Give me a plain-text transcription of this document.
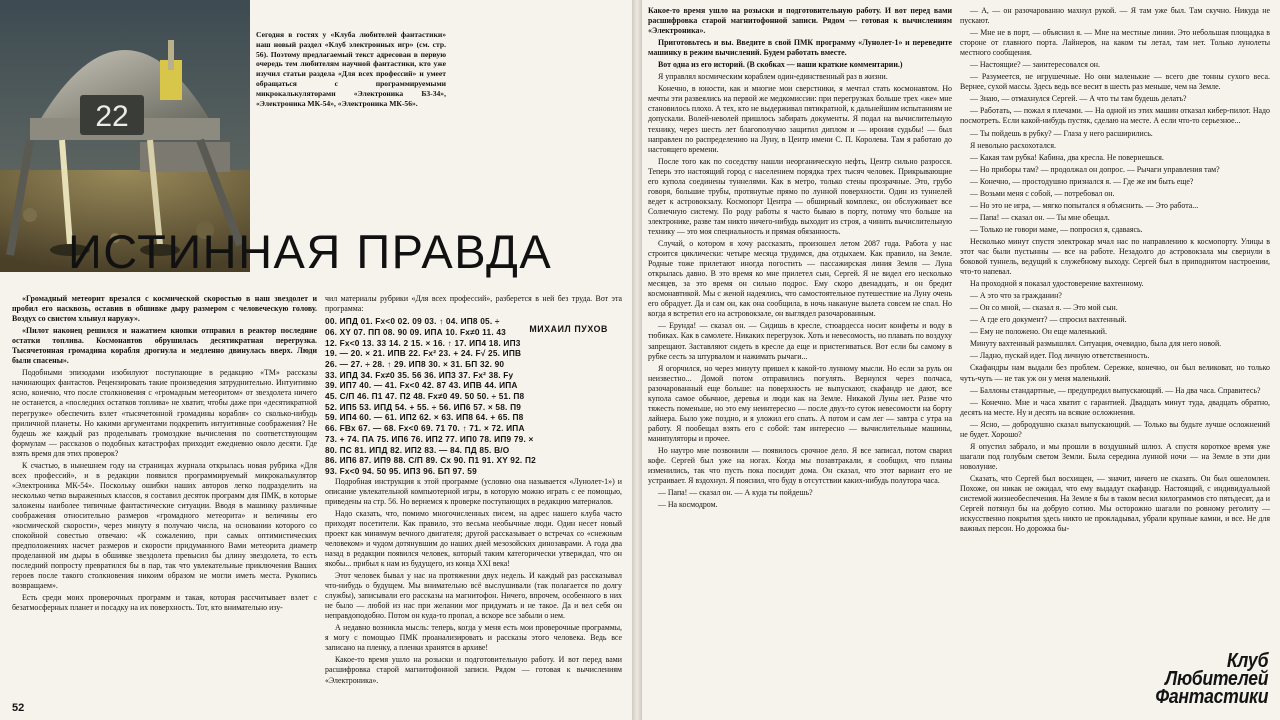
22
Сегодня в гостях у «Клуба любителей фантастики» наш новый раздел «Клуб электронных игр» (см. стр. 56). Поэтому предлагаемый текст адресован в первую очередь тем любителям научной фантастики, кто уже изучил статьи раздела «Для всех профессий» и умеет обращаться с программируемыми микрокалькуляторами «Электроника Б3-34», «Электроника МК-54», «Электроника МК-56».
МИХАИЛ ПУХОВ
ИСТИННАЯ ПРАВДА

«Громадный метеорит врезался с космической скоростью в наш звездолет и пробил его насквозь, оставив в обшивке дыру размером с человеческую голову. Воздух со свистом хлынул наружу».

«Пилот наконец решился и нажатием кнопки отправил в реактор последние остатки топлива. Космонавтов обрушилась десятикратная перегрузка. Тысячетонная громадина корабля дрогнула и медленно двинулась вверх. Люди были спасены».

Подобными эпизодами изобилуют поступающие в редакцию «ТМ» рассказы начинающих фантастов. Рецензировать такие произведения затруднительно. Интуитивно ясно, конечно, что после столкновения с «громадным метеоритом» от звездолета ничего не останется, а «последних остатков топлива» не хватит, чтобы даже при «десятикратной перегрузке» обеспечить взлет «тысячетонной громадины корабля» со сколько-нибудь приличной планеты. Но какими аргументами подкрепить интуитивные соображения? Не будешь же каждый раз проделывать громоздкие вычисления по соответствующим формулам — рассказов о подобных катастрофах приходит ежедневно около десяти. Где взять время для этих проверок?

К счастью, в нынешнем году на страницах журнала открылась новая рубрика «Для всех профессий», и в редакции появился программируемый микрокалькулятор «Электроника МК-54». Поскольку ошибки наших авторов легко подразделить на несколько четко выраженных классов, я составил десяток программ для ПМК, в которые заложены наиболее типичные фантастические ситуации. Вводя в машинку различные соображения относительно размеров «громадного метеорита» и величины его «космической скорости», через минуту я получаю числа, на основании которого со спокойной совестью отвечаю: «К сожалению, при самых оптимистических предположениях насчет размеров и скорости придуманного Вами метеорита диаметр проделанной им дыры в обшивке звездолета превысил бы длину звездолета, то есть последний попросту превратился бы в пар, так что увлекательные приключения Ваших героев после такого столкновения никоим образом не могли иметь места. Рукопись возвращаем».

Есть среди моих проверочных программ и такая, которая рассчитывает взлет с безатмосферных планет и посадку на их поверхность. Тот, кто внимательно изу-

чил материалы рубрики «Для всех профессий», разберется в ней без труда. Вот эта программа:

00. ИПД 01. Fx<0 02. 09 03. ↑ 04. ИП8 05. ÷
06. XY 07. ПП 08. 90 09. ИПА 10. Fx≠0 11. 43
12. Fx<0 13. 33 14. 2 15. × 16. ↑ 17. ИП4 18. ИП3
19. — 20. × 21. ИПВ 22. Fx² 23. + 24. F√ 25. ИПВ
26. — 27. ÷ 28. ↑ 29. ИП8 30. × 31. БП 32. 90
33. ИПД 34. Fx≠0 35. 56 36. ИП3 37. Fx² 38. Fy
39. ИП7 40. — 41. Fx<0 42. 87 43. ИПВ 44. ИПА
45. С/П 46. П1 47. П2 48. Fx≠0 49. 50 50. ÷ 51. П8
52. ИП5 53. ИПД 54. + 55. ÷ 56. ИП6 57. × 58. П9
59. ИП4 60. — 61. ИП2 62. × 63. ИП8 64. + 65. П8
66. FВх 67. — 68. Fx<0 69. 71 70. ↑ 71. × 72. ИПА
73. + 74. ПА 75. ИП6 76. ИП2 77. ИП0 78. ИП9 79. ×
80. ПС 81. ИПД 82. ИП2 83. — 84. ПД 85. В/О
86. ИП6 87. ИП9 88. С/П 89. Сх 90. П1 91. XY 92. П2
93. Fx<0 94. 50 95. ИП3 96. БП 97. 59

Подробная инструкция к этой программе (условно она называется «Лунолет-1») и описание увлекательной компьютерной игры, в которую можно играть с ее помощью, приведены на стр. 56. Но вернемся к проверке поступающих в редакцию материалов.

Надо сказать, что, помимо многочисленных писем, на адрес нашего клуба часто приходят посетители. Как правило, это весьма необычные люди. Один несет новый проект как минимум вечного двигателя; другой рассказывает о встречах со «снежным человеком» и чудом дотянувшим до наших дней мезозойских динозаврами. А года два назад в редакции появился человек, который таким категорически утверждал, что он якобы... прибыл к нам из будущего, из конца XXI века!

Этот человек бывал у нас на протяжении двух недель. И каждый раз рассказывал что-нибудь о будущем. Мы внимательно всё выслушивали (так полагается по долгу службы), записывали его рассказы на магнитофон. Ничего, впрочем, особенного в них не было — любой из нас при желании мог придумать и не такое. Да и вел себя он неправдоподобно. Потом он куда-то пропал, а вскоре все забыли о нем.

А недавно возникла мысль: теперь, когда у меня есть мои проверочные программы, я могу с помощью ПМК проанализировать и рассказы этого человека. Ведь все записано на пленку, а пленки хранятся в архиве!

Какое-то время ушло на розыски и подготовительную работу. И вот перед вами расшифровка старой магнитофонной записи. Рядом — готовая к вычислениям «Электроника».

52

Какое-то время ушло на розыски и подготовительную работу. И вот перед вами расшифровка старой магнитофонной записи. Рядом — готовая к вычислениям «Электроника».

Приготовьтесь и вы. Введите в свой ПМК программу «Лунолет-1» и переведите машинку в режим вычислений. Будем работать вместе.

Вот одна из его историй. (В скобках — наши краткие комментарии.)

Я управлял космическим кораблем один-единственный раз в жизни.

Конечно, в юности, как и многие мои сверстники, я мечтал стать космонавтом. Но мечты эти развеялись на первой же медкомиссии: при перегрузках больше трех «же» мне становилось плохо. А тех, кто не выдерживал пятикратной, к дальнейшим испытаниям не допускали. Волей-неволей пришлось забирать документы. Я подал на вычислительную технику, через шесть лет благополучно защитил диплом и — ирония судьбы! — был направлен по распределению на Луну, в Центр имени С. П. Королева. Там я работаю до настоящего времени.

После того как по соседству нашли неорганическую нефть, Центр сильно разросся. Теперь это настоящий город с населением порядка трех тысяч человек. Прикрывающие его купола соединены туннелями. Как в метро, только стены прозрачные. Это, грубо говоря, большие трубы, протянутые прямо по лунной поверхности. Один из туннелей ведет к астровокзалу. Космопорт Центра — обширный комплекс, он обслуживает все Солнечную систему. По роду работы я часто бываю в порту, потому что больше на электронике, разве там никто ничего-нибудь выходит из строя, а чинить вычислительную технику — это моя специальность и прямая обязанность.

Случай, о котором я хочу рассказать, произошел летом 2087 года. Работа у нас строится циклически: четыре месяца трудимся, два отдыхаем. Как правило, на Земле. Родные тоже прилетают иногда погостить — пассажирская линия Земля — Луна открылась давно. В это время ко мне прилетел сын, Сергей. Я не видел его несколько месяцев, за это время он сильно подрос. Ему скоро двенадцать, и он бредит космонавтикой. Мы с женой надеялись, что самостоятельное путешествие на Луну очень его обрадует. Да и сам он, как она сообщила, в ночь накануне вылета совсем не спал. Но когда я встретил его на астровокзале, он выглядел разочарованным.

— Ерунда! — сказал он. — Сидишь в кресле, стюардесса носит конфеты и воду в тюбиках. Как в самолете. Никаких перегрузок. Хоть и невесомость, но плавать по воздуху запрещают. Заставляют сидеть в кресле да еще и пристегиваться. Вот если бы самому в рубке сесть за штурвалом и нажимать рычаги...

Я огорчился, но через минуту пришел к какой-то лунному мысли. Но если за руль он неизвестно... Домой потом отправились погулять. Вернулся через полчаса, разочарованный еще больше: на поверхность не выпускают, скафандр не дают, все купола самое обычное, деревья и люди как на Земле. Никакой Луны нет. Разве что тяжесть поменьше, но это ему неинтересно — после двух-то суток невесомости на борту лайнера. Было уже поздно, и я уложил его спать. А потом и сам лег — завтра с утра на работу. Я пообещал взять его с собой: там интересно — вычислительные машины, манипуляторы и прочее.

Но наутро мне позвонили — появилось срочное дело. Я все записал, потом сварил кофе. Сергей был уже на ногах. Когда мы позавтракали, я сообщил, что планы изменились, так что пусть пока посидит дома. Он сказал, что этот вариант его не устраивает. Я вздохнул. Я пояснил, что буду в отсутствии каких-нибудь полутора часа.

— Папа! — сказал он. — А куда ты пойдешь?

— На космодром.

— А, — он разочарованно махнул рукой. — Я там уже был. Там скучно. Никуда не пускают.

— Мне не в порт, — объяснил я. — Мне на местные линии. Это небольшая площадка в стороне от главного порта. Лайнеров, на каком ты летал, там нет. Только лунолеты местного сообщения.

— Настоящие? — заинтересовался он.

— Разумеется, не игрушечные. Но они маленькие — всего две тонны сухого веса. Вернее, сухой массы. Здесь ведь все весит в шесть раз меньше, чем на Земле.

— Знаю, — отмахнулся Сергей. — А что ты там будешь делать?

— Работать, — пожал я плечами. — На одной из этих машин отказал кибер-пилот. Надо посмотреть. Если какой-нибудь пустяк, сделаю на месте. А если что-то серьезное...

— Ты пойдешь в рубку? — Глаза у него расширились.

Я невольно расхохотался.

— Какая там рубка! Кабина, два кресла. Не повернешься.

— Но приборы там? — продолжал он допрос. — Рычаги управления там?

— Конечно, — простодушно признался я. — Где же им быть еще?

— Возьми меня с собой, — потребовал он.

— Но это не игра, — мягко попытался я объяснить. — Это работа...

— Папа! — сказал он. — Ты мне обещал.

— Только не говори маме, — попросил я, сдаваясь.

Несколько минут спустя электрокар мчал нас по направлению к космопорту. Улицы в этот час были пустынны — все на работе. Незадолго до астровокзала мы свернули в боковой туннель, ведущий к служебному выходу. Сергей был в приподнятом настроении, что-то напевал.

На проходной я показал удостоверение вахтенному.

— А это что за гражданин?

— Он со мной, — сказал я. — Это мой сын.

— А где его документ? — спросил вахтенный.

— Ему не положено. Он еще маленький.

Минуту вахтенный размышлял. Ситуация, очевидно, была для него новой.

— Ладно, пускай идет. Под личную ответственность.

Скафандры нам выдали без проблем. Сережке, конечно, он был великоват, но только чуть-чуть — не так уж он у меня маленький.

— Баллоны стандартные, — предупредил выпускающий. — На два часа. Справитесь?

— Конечно. Мне и часа хватит с гарантией. Двадцать минут туда, двадцать обратно, десять на месте. Ну и десять на всякие осложнения.

— Ясно, — добродушно сказал выпускающий. — Только вы будьте лучше осложнений не будет. Хорошо?

Я опустил забрало, и мы прошли в воздушный шлюз. А спустя короткое время уже шагали под голубым светом Земли. Была середина лунной ночи — на Земле в эти дни новолуние.

Сказать, что Сергей был восхищен, — значит, ничего не сказать. Он был ошеломлен. Похоже, он никак не ожидал, что ему выдадут скафандр. Настоящий, с индивидуальной системой жизнеобеспечения. На Земле я бы в таком весил килограммов сто пятьдесят, да и Сергей потянул бы на добрую сотню. Мы осторожно шагали по ровному реголиту — искусственно покрытия здесь никто не прокладывал, убрали крупные камни, и все. Не для важных персон. Но дорожка бы-

Клуб
Любителей
Фантастики
